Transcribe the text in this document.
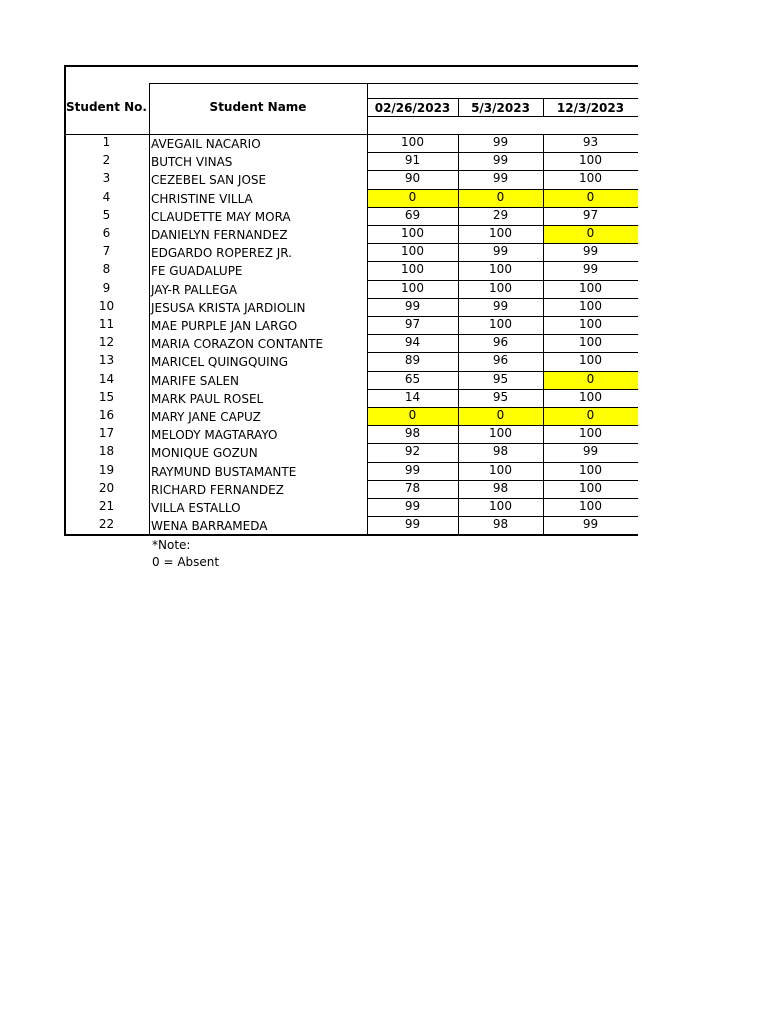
Student No.	Student Name	02/26/2023	5/3/2023	12/3/2023
1	AVEGAIL NACARIO	100	99	93
2	BUTCH VINAS	91	99	100
3	CEZEBEL SAN JOSE	90	99	100
4	CHRISTINE VILLA	0	0	0
5	CLAUDETTE MAY MORA	69	29	97
6	DANIELYN FERNANDEZ	100	100	0
7	EDGARDO ROPEREZ JR.	100	99	99
8	FE GUADALUPE	100	100	99
9	JAY-R PALLEGA	100	100	100
10	JESUSA KRISTA JARDIOLIN	99	99	100
11	MAE PURPLE JAN LARGO	97	100	100
12	MARIA CORAZON CONTANTE	94	96	100
13	MARICEL QUINGQUING	89	96	100
14	MARIFE SALEN	65	95	0
15	MARK PAUL ROSEL	14	95	100
16	MARY JANE CAPUZ	0	0	0
17	MELODY MAGTARAYO	98	100	100
18	MONIQUE GOZUN	92	98	99
19	RAYMUND BUSTAMANTE	99	100	100
20	RICHARD FERNANDEZ	78	98	100
21	VILLA ESTALLO	99	100	100
22	WENA BARRAMEDA	99	98	99
*Note:
0 = Absent
